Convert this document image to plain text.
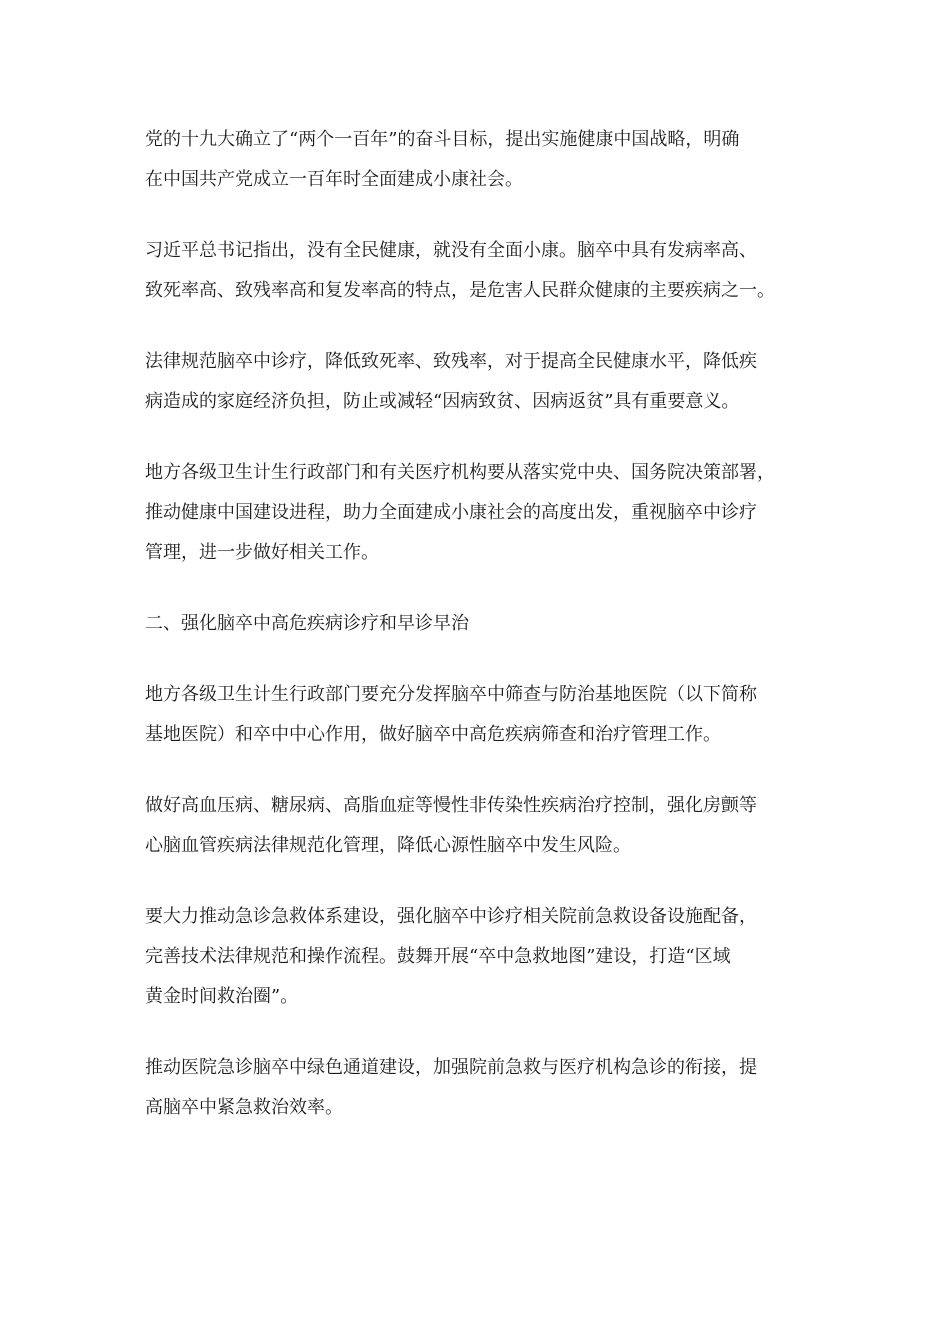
党的十九大确立了“两个一百年”的奋斗目标，提出实施健康中国战略，明确
在中国共产党成立一百年时全面建成小康社会。

习近平总书记指出，没有全民健康，就没有全面小康。脑卒中具有发病率高、
致死率高、致残率高和复发率高的特点，是危害人民群众健康的主要疾病之一。

法律规范脑卒中诊疗，降低致死率、致残率，对于提高全民健康水平，降低疾
病造成的家庭经济负担，防止或减轻“因病致贫、因病返贫”具有重要意义。

地方各级卫生计生行政部门和有关医疗机构要从落实党中央、国务院决策部署，
推动健康中国建设进程，助力全面建成小康社会的高度出发，重视脑卒中诊疗
管理，进一步做好相关工作。

二、强化脑卒中高危疾病诊疗和早诊早治

地方各级卫生计生行政部门要充分发挥脑卒中筛查与防治基地医院（以下简称
基地医院）和卒中中心作用，做好脑卒中高危疾病筛查和治疗管理工作。

做好高血压病、糖尿病、高脂血症等慢性非传染性疾病治疗控制，强化房颤等
心脑血管疾病法律规范化管理，降低心源性脑卒中发生风险。

要大力推动急诊急救体系建设，强化脑卒中诊疗相关院前急救设备设施配备，
完善技术法律规范和操作流程。鼓舞开展“卒中急救地图”建设，打造“区域
黄金时间救治圈”。

推动医院急诊脑卒中绿色通道建设，加强院前急救与医疗机构急诊的衔接，提
高脑卒中紧急救治效率。
